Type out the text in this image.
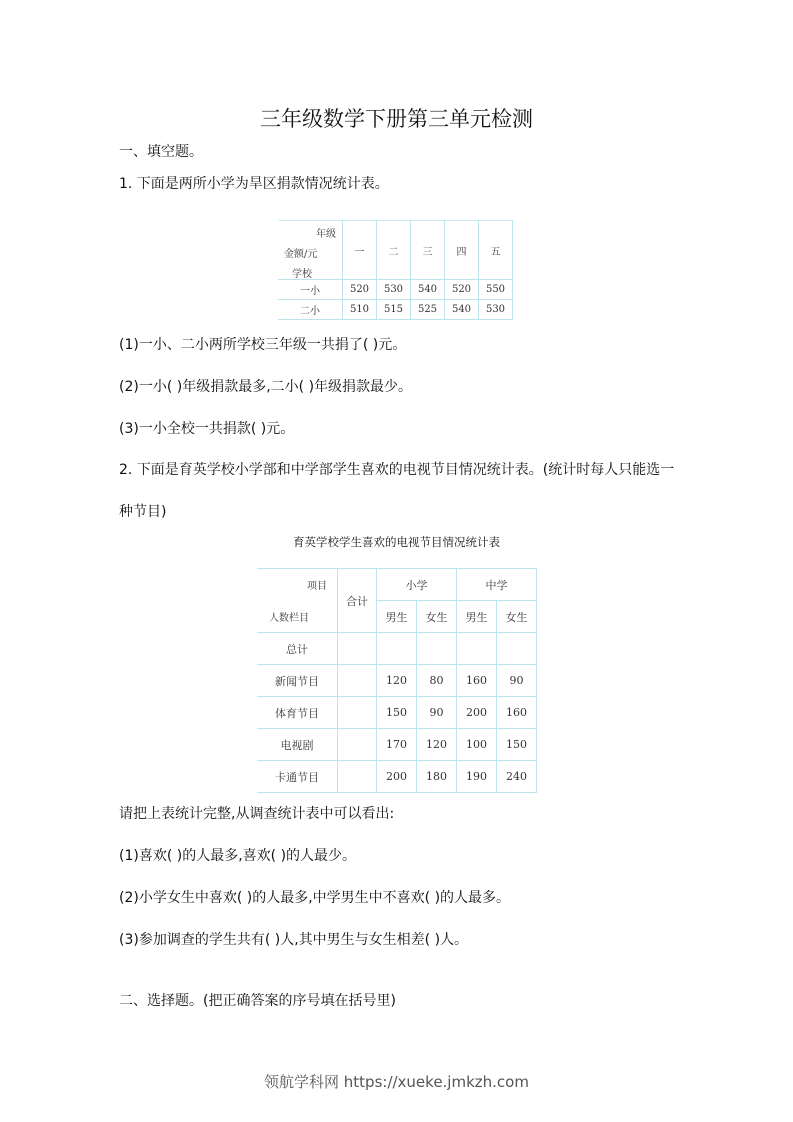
三年级数学下册第三单元检测
一、填空题。
1. 下面是两所小学为旱区捐款情况统计表。
年级
金额/元
学校	一	二	三	四	五
一小	520	530	540	520	550
二小	510	515	525	540	530
(1)一小、二小两所学校三年级一共捐了( )元。
(2)一小( )年级捐款最多,二小( )年级捐款最少。
(3)一小全校一共捐款( )元。
2. 下面是育英学校小学部和中学部学生喜欢的电视节目情况统计表。(统计时每人只能选一
种节目)
育英学校学生喜欢的电视节目情况统计表
项目
人数栏目	合计	小学		中学	
		男生	女生	男生	女生
总计					
新闻节目		120	80	160	90
体育节目		150	90	200	160
电视剧		170	120	100	150
卡通节目		200	180	190	240
请把上表统计完整,从调查统计表中可以看出:
(1)喜欢( )的人最多,喜欢( )的人最少。
(2)小学女生中喜欢( )的人最多,中学男生中不喜欢( )的人最多。
(3)参加调查的学生共有( )人,其中男生与女生相差( )人。
二、选择题。(把正确答案的序号填在括号里)
领航学科网 https://xueke.jmkzh.com
